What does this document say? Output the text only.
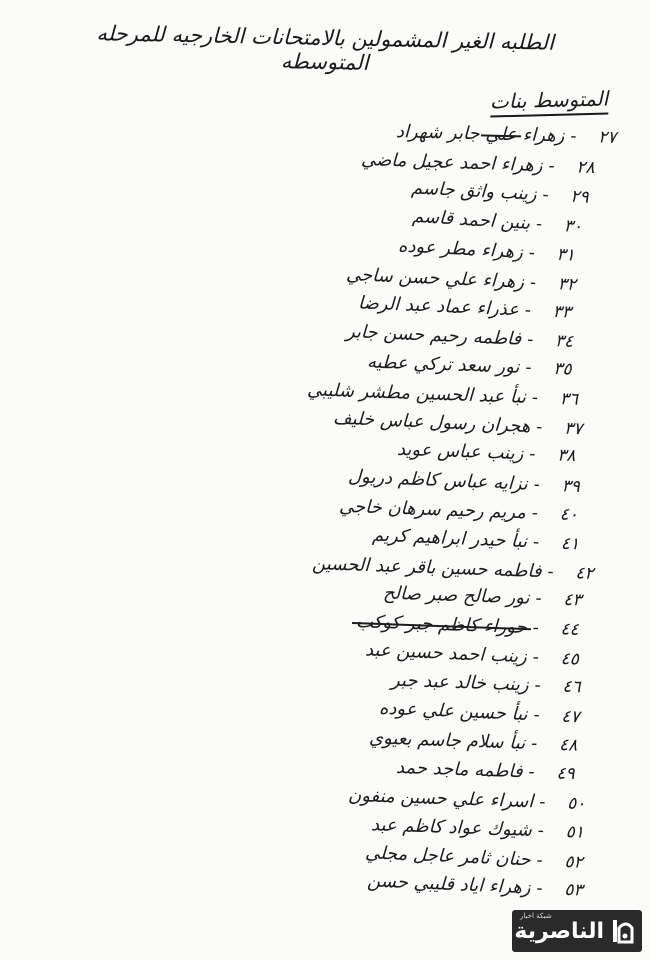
الطلبه الغير المشمولين بالامتحانات الخارجيه للمرحله المتوسطه
المتوسط بنات
٢٧
-
زهراء علي جابر شهراد
٢٨
-
زهراء احمد عجيل ماضي
٢٩
-
زينب واثق جاسم
٣٠
-
بنين احمد قاسم
٣١
-
زهراء مطر عوده
٣٢
-
زهراء علي حسن ساجي
٣٣
-
عذراء عماد عبد الرضا
٣٤
-
فاطمه رحيم حسن جابر
٣٥
-
نور سعد تركي عطيه
٣٦
-
نبأ عبد الحسين مطشر شليبي
٣٧
-
هجران رسول عباس خليف
٣٨
-
زينب عباس عويد
٣٩
-
نزايه عباس كاظم دريول
٤٠
-
مريم رحيم سرهان خاجي
٤١
-
نبأ حيدر ابراهيم كريم
٤٢
-
فاطمه حسين باقر عبد الحسين
٤٣
-
نور صالح صبر صالح
٤٤
-
حوراء كاظم جبر كوكب
٤٥
-
زينب احمد حسين عبد
٤٦
-
زينب خالد عبد جبر
٤٧
-
نبأ حسين علي عوده
٤٨
-
نبأ سلام جاسم بعيوي
٤٩
-
فاطمه ماجد حمد
٥٠
-
اسراء علي حسين منفون
٥١
-
شيوك عواد كاظم عبد
٥٢
-
حنان ثامر عاجل مجلي
٥٣
-
زهراء اياد قليبي حسن
شبكة اخبار
الناصرية
